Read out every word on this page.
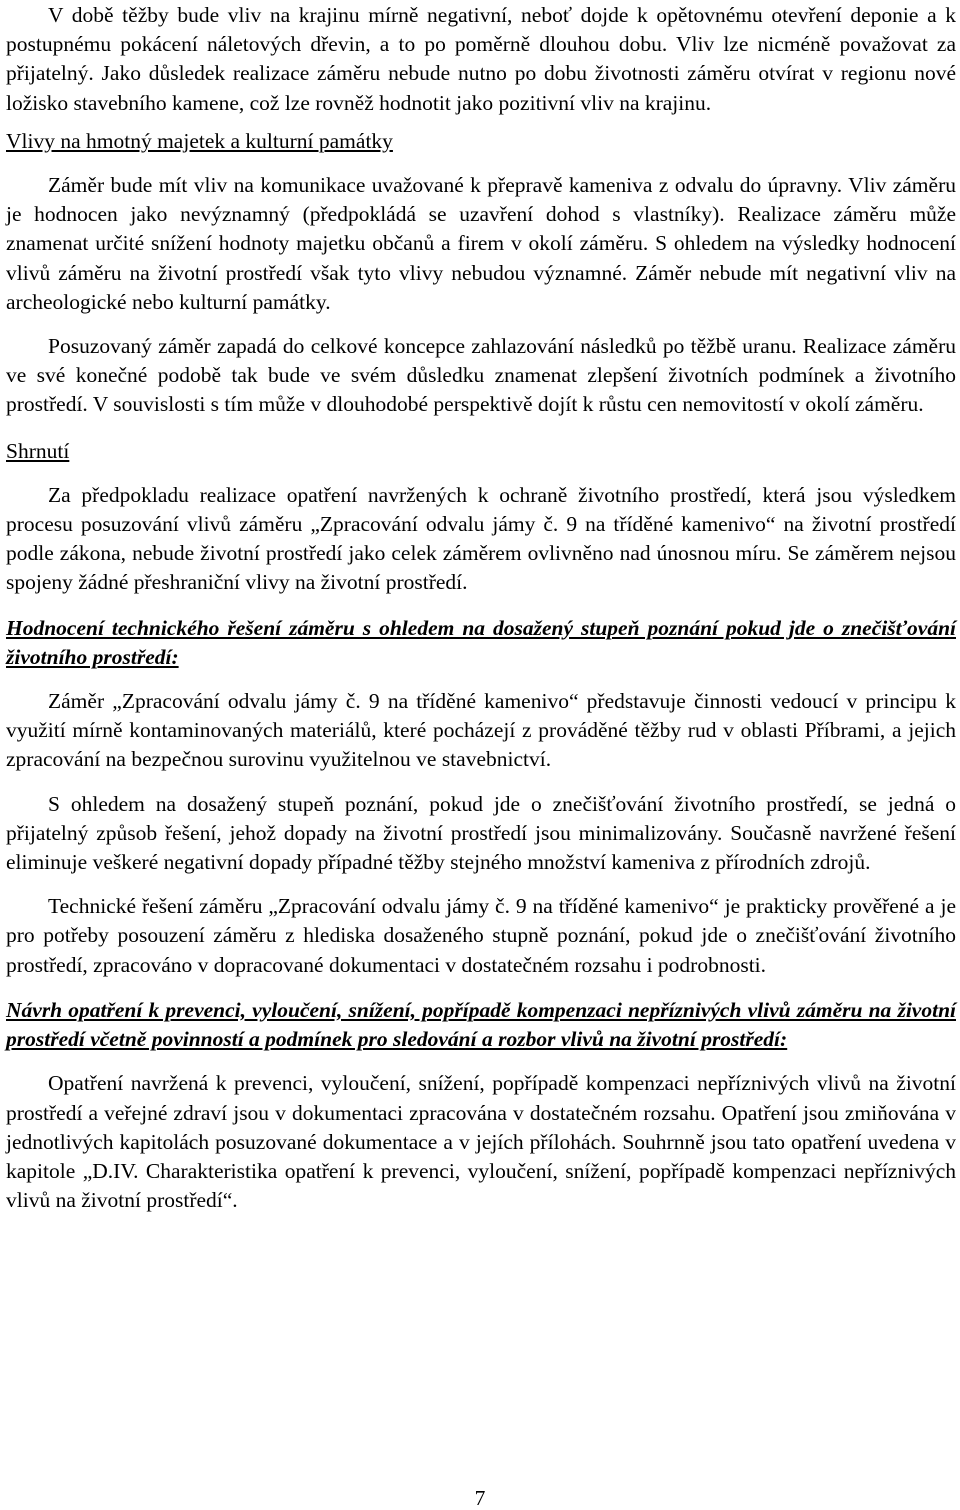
V době těžby bude vliv na krajinu mírně negativní, neboť dojde k opětovnému otevření deponie a k postupnému pokácení náletových dřevin, a to po poměrně dlouhou dobu. Vliv lze nicméně považovat za přijatelný. Jako důsledek realizace záměru nebude nutno po dobu životnosti záměru otvírat v regionu nové ložisko stavebního kamene, což lze rovněž hodnotit jako pozitivní vliv na krajinu.

Vlivy na hmotný majetek a kulturní památky

Záměr bude mít vliv na komunikace uvažované k přepravě kameniva z odvalu do úpravny. Vliv záměru je hodnocen jako nevýznamný (předpokládá se uzavření dohod s vlastníky). Realizace záměru může znamenat určité snížení hodnoty majetku občanů a firem v okolí záměru. S ohledem na výsledky hodnocení vlivů záměru na životní prostředí však tyto vlivy nebudou významné. Záměr nebude mít negativní vliv na archeologické nebo kulturní památky.

Posuzovaný záměr zapadá do celkové koncepce zahlazování následků po těžbě uranu. Realizace záměru ve své konečné podobě tak bude ve svém důsledku znamenat zlepšení životních podmínek a životního prostředí. V souvislosti s tím může v dlouhodobé perspektivě dojít k růstu cen nemovitostí v okolí záměru.

Shrnutí

Za předpokladu realizace opatření navržených k ochraně životního prostředí, která jsou výsledkem procesu posuzování vlivů záměru „Zpracování odvalu jámy č. 9 na tříděné kamenivo“ na životní prostředí podle zákona, nebude životní prostředí jako celek záměrem ovlivněno nad únosnou míru. Se záměrem nejsou spojeny žádné přeshraniční vlivy na životní prostředí.

Hodnocení technického řešení záměru s ohledem na dosažený stupeň poznání pokud jde o znečišťování životního prostředí:

Záměr „Zpracování odvalu jámy č. 9 na tříděné kamenivo“ představuje činnosti vedoucí v principu k využití mírně kontaminovaných materiálů, které pocházejí z prováděné těžby rud v oblasti Příbrami, a jejich zpracování na bezpečnou surovinu využitelnou ve stavebnictví.

S ohledem na dosažený stupeň poznání, pokud jde o znečišťování životního prostředí, se jedná o přijatelný způsob řešení, jehož dopady na životní prostředí jsou minimalizovány. Současně navržené řešení eliminuje veškeré negativní dopady případné těžby stejného množství kameniva z přírodních zdrojů.

Technické řešení záměru „Zpracování odvalu jámy č. 9 na tříděné kamenivo“ je prakticky prověřené a je pro potřeby posouzení záměru z hlediska dosaženého stupně poznání, pokud jde o znečišťování životního prostředí, zpracováno v dopracované dokumentaci v dostatečném rozsahu i podrobnosti.

Návrh opatření k prevenci, vyloučení, snížení, popřípadě kompenzaci nepříznivých vlivů záměru na životní prostředí včetně povinností a podmínek pro sledování a rozbor vlivů na životní prostředí:

Opatření navržená k prevenci, vyloučení, snížení, popřípadě kompenzaci nepříznivých vlivů na životní prostředí a veřejné zdraví jsou v dokumentaci zpracována v dostatečném rozsahu. Opatření jsou zmiňována v jednotlivých kapitolách posuzované dokumentace a v jejích přílohách. Souhrnně jsou tato opatření uvedena v kapitole „D.IV. Charakteristika opatření k prevenci, vyloučení, snížení, popřípadě kompenzaci nepříznivých vlivů na životní prostředí“.

7
